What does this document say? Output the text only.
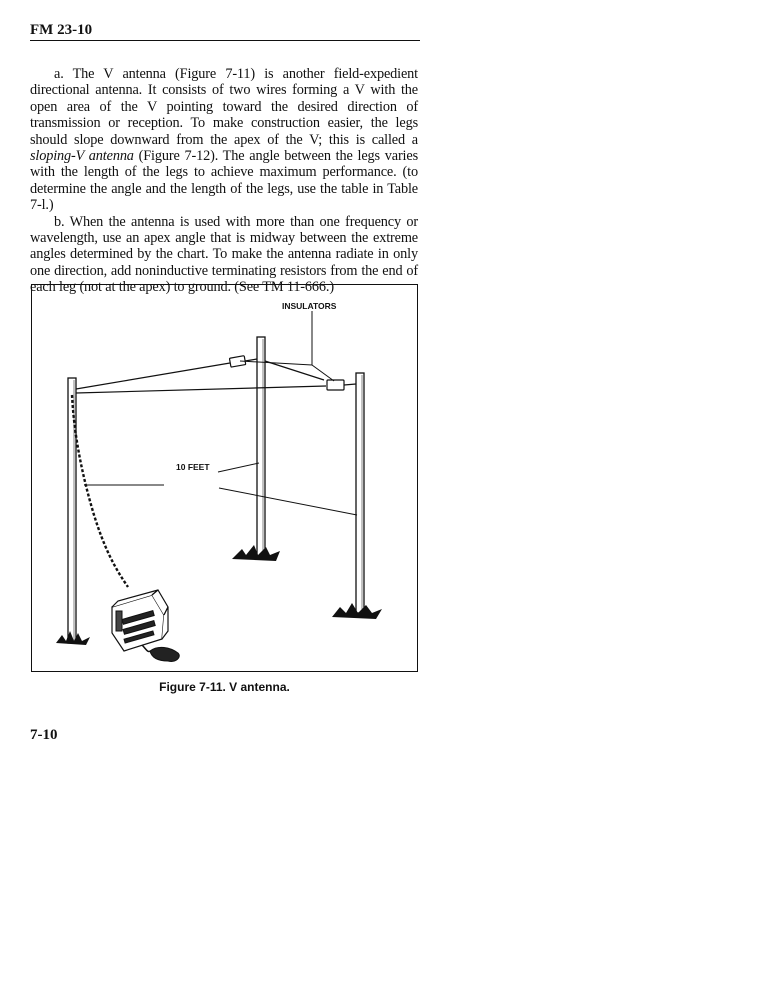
FM 23-10

a. The V antenna (Figure 7-11) is another field-expedient directional antenna. It consists of two wires forming a V with the open area of the V pointing toward the desired direction of transmission or reception. To make construction easier, the legs should slope downward from the apex of the V; this is called a sloping-V antenna (Figure 7-12). The angle between the legs varies with the length of the legs to achieve maximum performance. (to determine the angle and the length of the legs, use the table in Table 7-l.)

b. When the antenna is used with more than one frequency or wavelength, use an apex angle that is midway between the extreme angles determined by the chart. To make the antenna radiate in only one direction, add noninductive terminating resistors from the end of each leg (not at the apex) to ground. (See TM 11-666.)

INSULATORS
10 FEET
Figure 7-11. V antenna.
7-10
